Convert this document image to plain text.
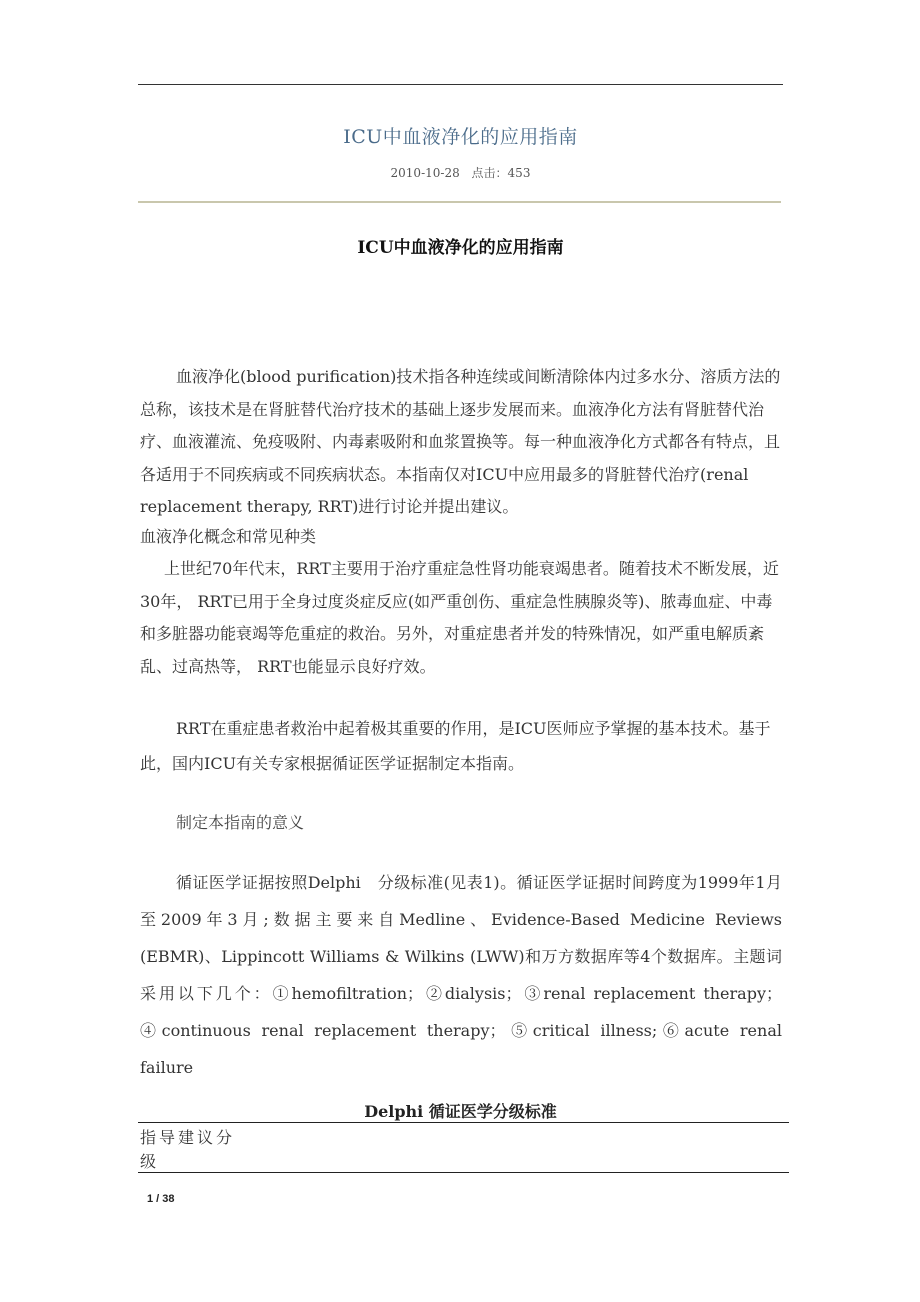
ICU中血液净化的应用指南
2010-10-28 点击：453
ICU中血液净化的应用指南

血液净化(blood purification)技术指各种连续或间断清除体内过多水分、溶质方法的总称，该技术是在肾脏替代治疗技术的基础上逐步发展而来。血液净化方法有肾脏替代治疗、血液灌流、免疫吸附、内毒素吸附和血浆置换等。每一种血液净化方式都各有特点，且各适用于不同疾病或不同疾病状态。本指南仅对ICU中应用最多的肾脏替代治疗(renal replacement therapy, RRT)进行讨论并提出建议。

血液净化概念和常见种类

上世纪70年代末，RRT主要用于治疗重症急性肾功能衰竭患者。随着技术不断发展，近30年， RRT已用于全身过度炎症反应(如严重创伤、重症急性胰腺炎等)、脓毒血症、中毒和多脏器功能衰竭等危重症的救治。另外，对重症患者并发的特殊情况，如严重电解质紊乱、过高热等， RRT也能显示良好疗效。

RRT在重症患者救治中起着极其重要的作用，是ICU医师应予掌握的基本技术。基于此，国内ICU有关专家根据循证医学证据制定本指南。

制定本指南的意义

循证医学证据按照Delphi　分级标准(见表1)。循证医学证据时间跨度为1999年1月至2009年3月;数据主要来自Medline、Evidence-Based Medicine Reviews (EBMR)、Lippincott Williams & Wilkins (LWW)和万方数据库等4个数据库。主题词采用以下几个：①hemofiltration；②dialysis；③renal replacement therapy；④continuous renal replacement therapy；⑤critical illness;⑥acute renal failure

Delphi 循证医学分级标准
指导建议分级
1 / 38
